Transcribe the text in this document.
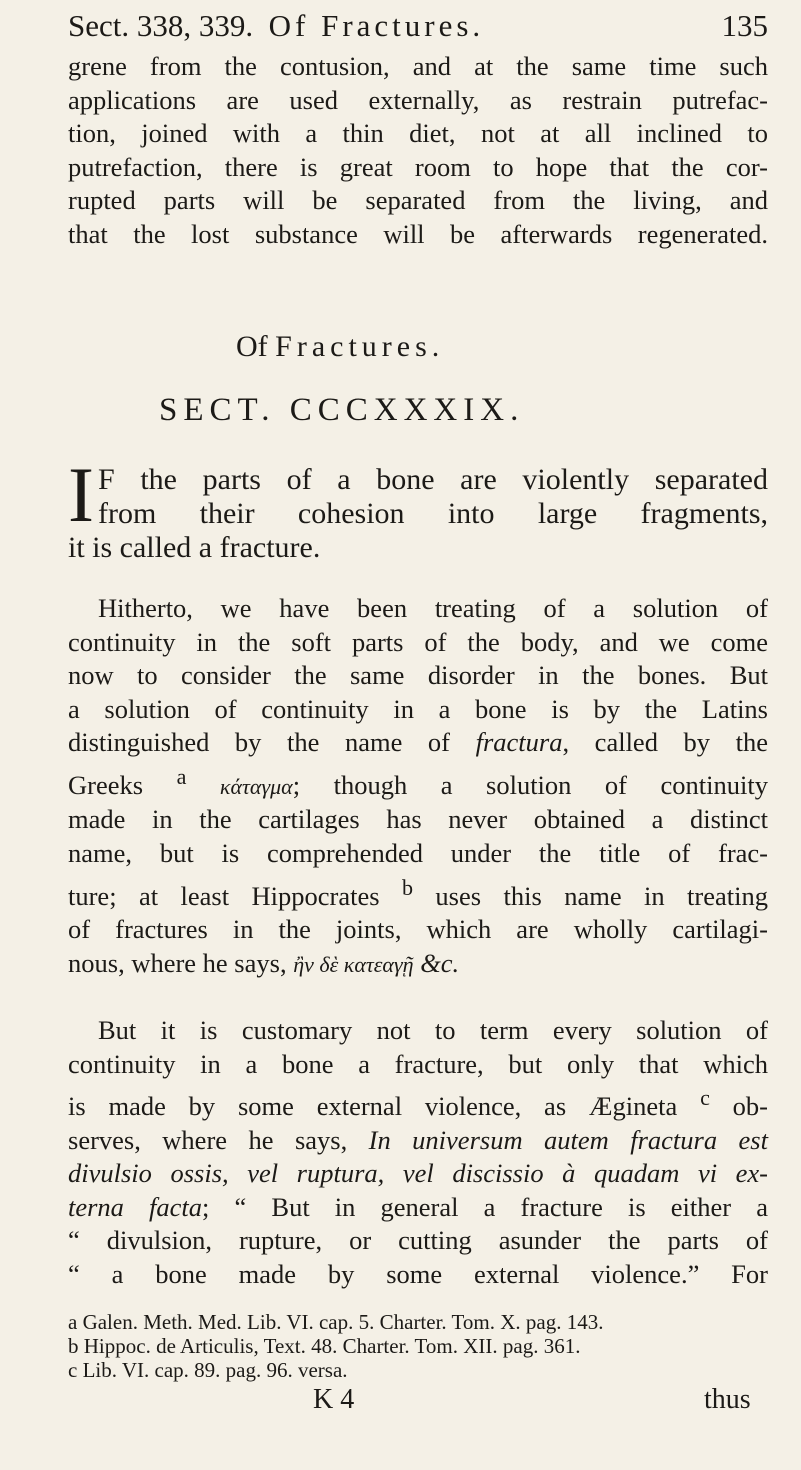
Sect. 338, 339. Of Fractures.	135
grene from the contusion, and at the same time such
applications are used externally, as restrain putrefac-
tion, joined with a thin diet, not at all inclined to
putrefaction, there is great room to hope that the cor-
rupted parts will be separated from the living, and
that the lost substance will be afterwards regenerated.
Of Fractures.
SECT. CCCXXXIX.
I F the parts of a bone are violently separated
from their cohesion into large fragments,
it is called a fracture.
Hitherto, we have been treating of a solution of
continuity in the soft parts of the body, and we come
now to consider the same disorder in the bones. But
a solution of continuity in a bone is by the Latins
distinguished by the name of fractura, called by the
Greeks $^a$ κάταγμα; though a solution of continuity
made in the cartilages has never obtained a distinct
name, but is comprehended under the title of frac-
ture; at least Hippocrates $^b$ uses this name in treating
of fractures in the joints, which are wholly cartilagi-
nous, where he says, ἢν δὲ κατεαγῇ &c.
But it is customary not to term every solution of
continuity in a bone a fracture, but only that which
is made by some external violence, as Ægineta $^c$ ob-
serves, where he says, In universum autem fractura est
divulsio ossis, vel ruptura, vel discissio à quadam vi ex-
terna facta; “ But in general a fracture is either a
“ divulsion, rupture, or cutting asunder the parts of
“ a bone made by some external violence.” For
a Galen. Meth. Med. Lib. VI. cap. 5. Charter. Tom. X. pag. 143.
b Hippoc. de Articulis, Text. 48. Charter. Tom. XII. pag. 361.
c Lib. VI. cap. 89. pag. 96. versa.
K 4	thus
